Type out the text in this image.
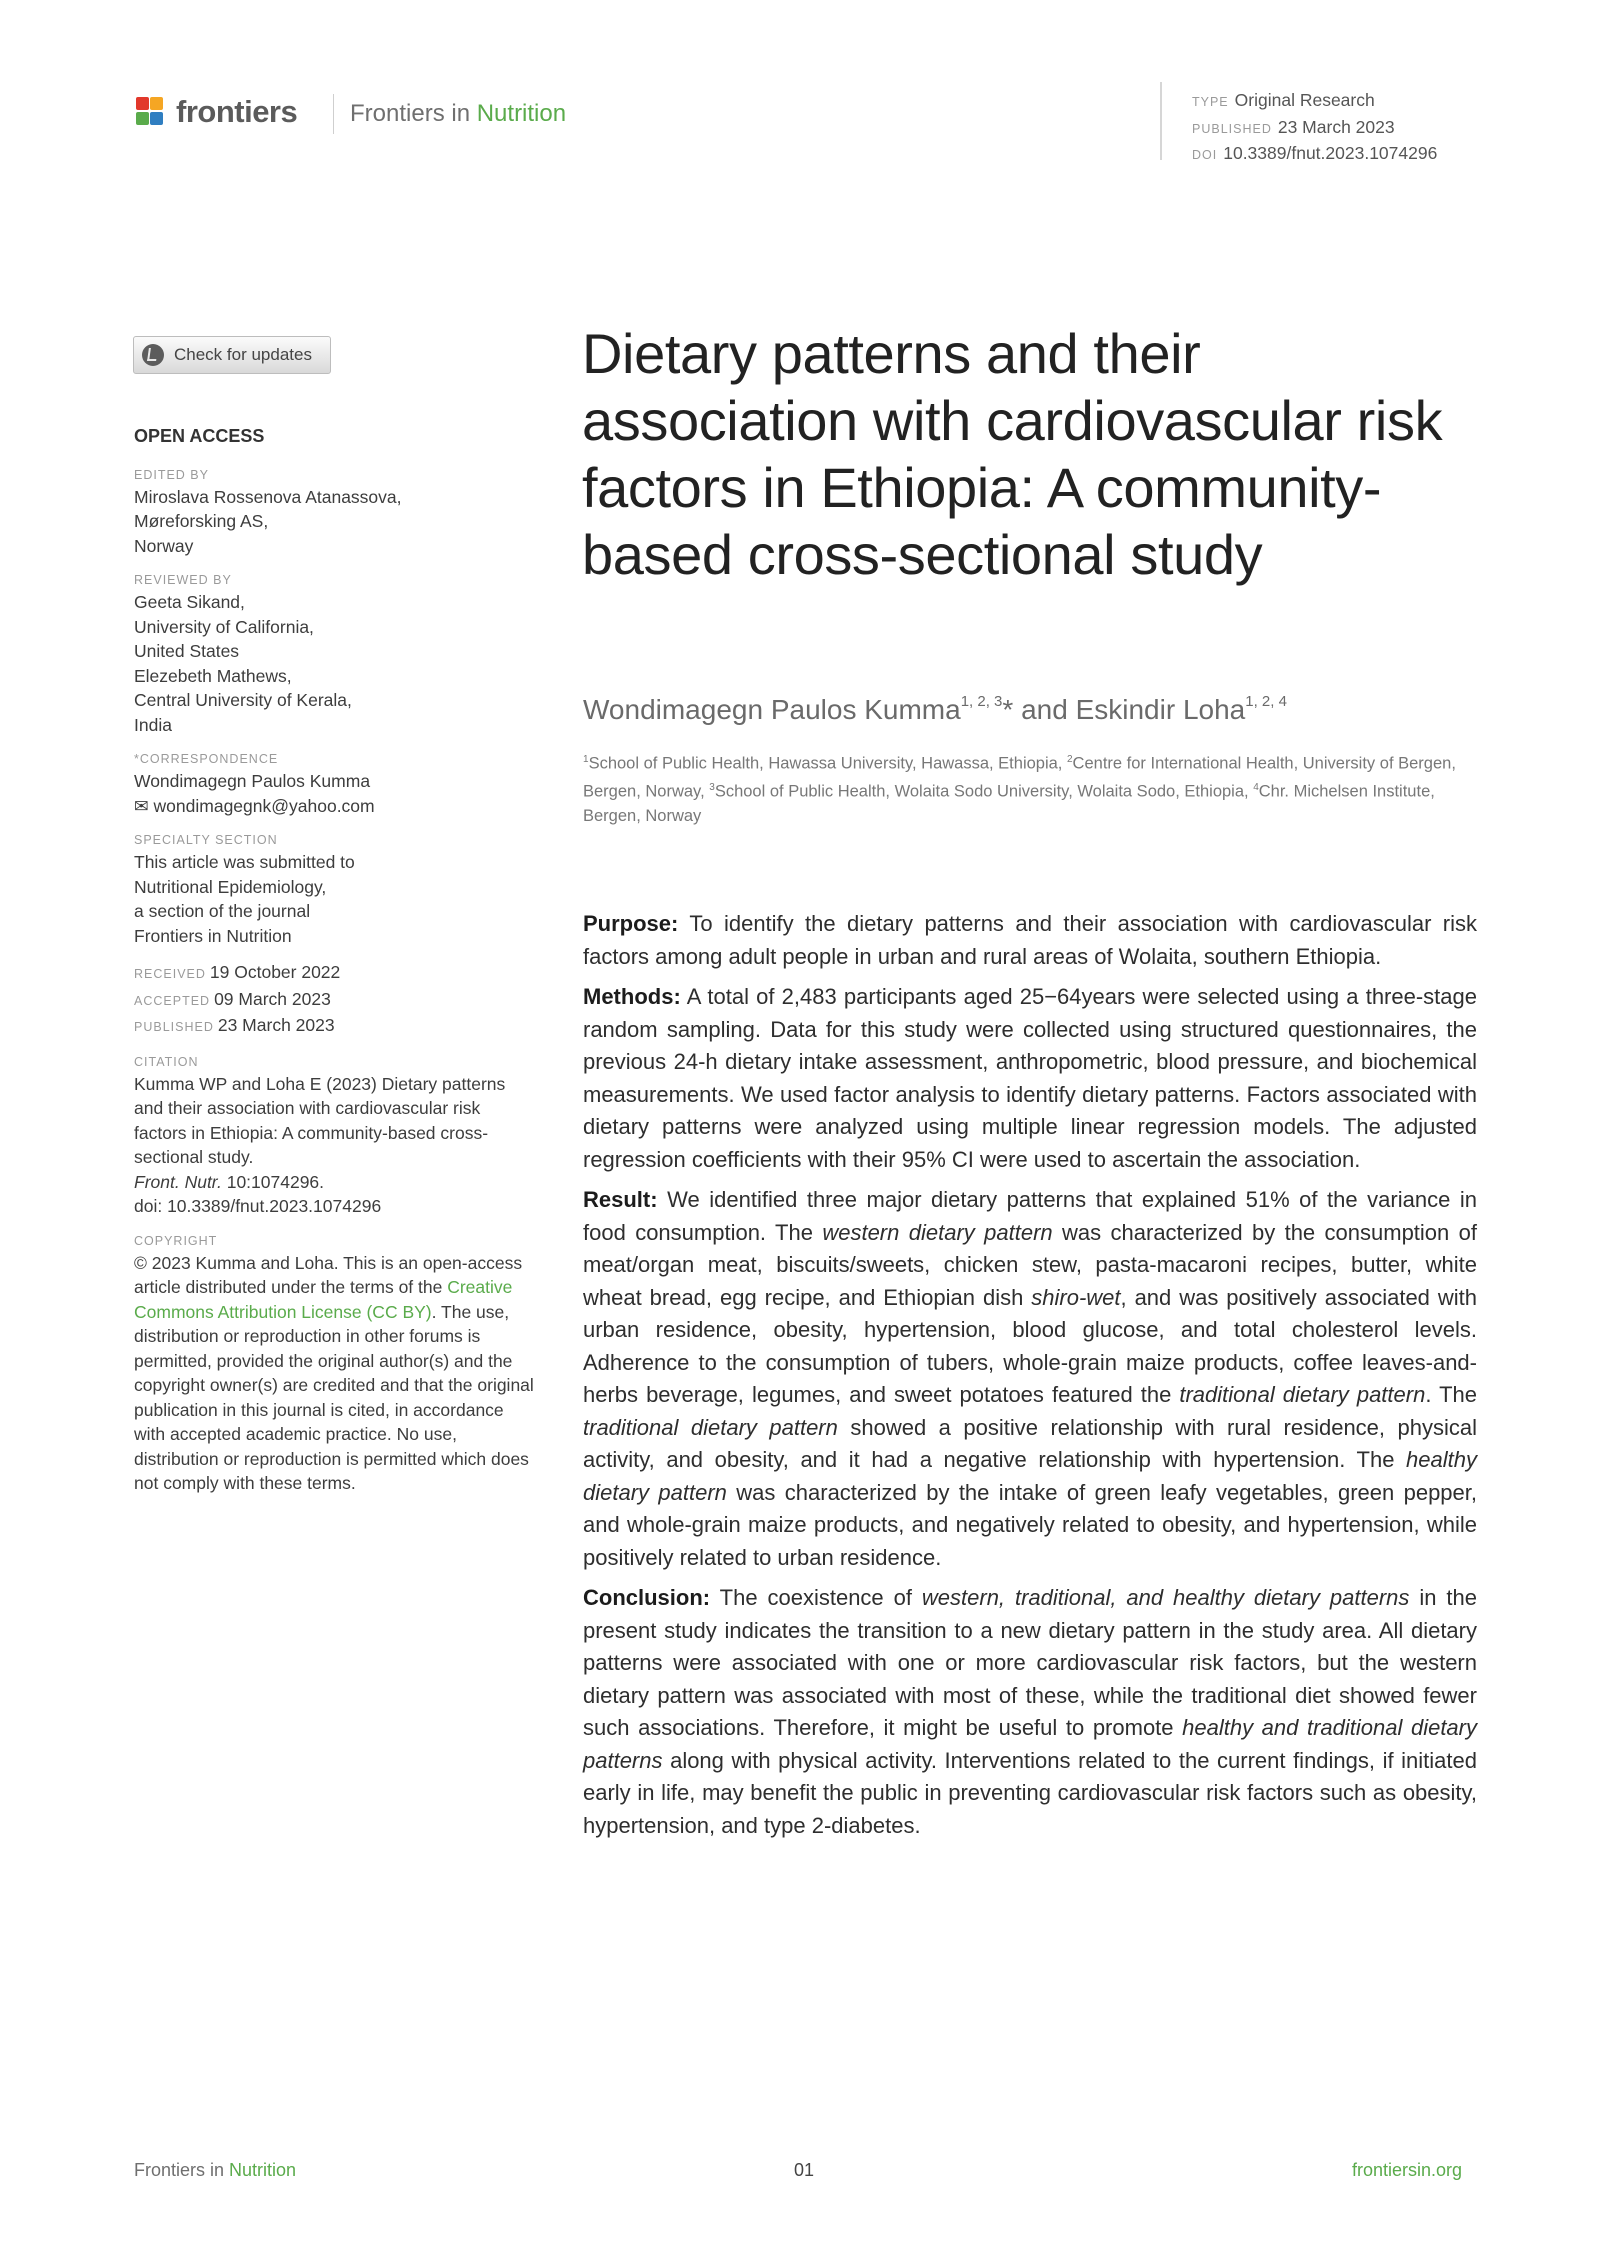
frontiers Frontiers in Nutrition	TYPE Original Research
PUBLISHED 23 March 2023
DOI 10.3389/fnut.2023.1074296
Check for updates
OPEN ACCESS
EDITED BY
Miroslava Rossenova Atanassova,
Møreforsking AS,
Norway
REVIEWED BY
Geeta Sikand,
University of California,
United States
Elezebeth Mathews,
Central University of Kerala,
India
*CORRESPONDENCE
Wondimagegn Paulos Kumma
✉ wondimagegnk@yahoo.com
SPECIALTY SECTION
This article was submitted to
Nutritional Epidemiology,
a section of the journal
Frontiers in Nutrition
RECEIVED 19 October 2022
ACCEPTED 09 March 2023
PUBLISHED 23 March 2023
CITATION
Kumma WP and Loha E (2023) Dietary patterns
and their association with cardiovascular risk
factors in Ethiopia: A community-based cross-
sectional study.
Front. Nutr. 10:1074296.
doi: 10.3389/fnut.2023.1074296
COPYRIGHT
© 2023 Kumma and Loha. This is an open-access article distributed under the terms of the Creative Commons Attribution License (CC BY). The use, distribution or reproduction in other forums is permitted, provided the original author(s) and the copyright owner(s) are credited and that the original publication in this journal is cited, in accordance with accepted academic practice. No use, distribution or reproduction is permitted which does not comply with these terms.
Dietary patterns and their association with cardiovascular risk factors in Ethiopia: A community-based cross-sectional study
Wondimagegn Paulos Kumma$^{1, 2, 3}$* and Eskindir Loha$^{1, 2, 4}$
$^1$School of Public Health, Hawassa University, Hawassa, Ethiopia, $^2$Centre for International Health, University of Bergen, Bergen, Norway, $^3$School of Public Health, Wolaita Sodo University, Wolaita Sodo, Ethiopia, $^4$Chr. Michelsen Institute, Bergen, Norway

Purpose: To identify the dietary patterns and their association with cardiovascular risk factors among adult people in urban and rural areas of Wolaita, southern Ethiopia.

Methods: A total of 2,483 participants aged 25−64years were selected using a three-stage random sampling. Data for this study were collected using structured questionnaires, the previous 24-h dietary intake assessment, anthropometric, blood pressure, and biochemical measurements. We used factor analysis to identify dietary patterns. Factors associated with dietary patterns were analyzed using multiple linear regression models. The adjusted regression coefficients with their 95% CI were used to ascertain the association.

Result: We identified three major dietary patterns that explained 51% of the variance in food consumption. The western dietary pattern was characterized by the consumption of meat/organ meat, biscuits/sweets, chicken stew, pasta-macaroni recipes, butter, white wheat bread, egg recipe, and Ethiopian dish shiro-wet, and was positively associated with urban residence, obesity, hypertension, blood glucose, and total cholesterol levels. Adherence to the consumption of tubers, whole-grain maize products, coffee leaves-and-herbs beverage, legumes, and sweet potatoes featured the traditional dietary pattern. The traditional dietary pattern showed a positive relationship with rural residence, physical activity, and obesity, and it had a negative relationship with hypertension. The healthy dietary pattern was characterized by the intake of green leafy vegetables, green pepper, and whole-grain maize products, and negatively related to obesity, and hypertension, while positively related to urban residence.

Conclusion: The coexistence of western, traditional, and healthy dietary patterns in the present study indicates the transition to a new dietary pattern in the study area. All dietary patterns were associated with one or more cardiovascular risk factors, but the western dietary pattern was associated with most of these, while the traditional diet showed fewer such associations. Therefore, it might be useful to promote healthy and traditional dietary patterns along with physical activity. Interventions related to the current findings, if initiated early in life, may benefit the public in preventing cardiovascular risk factors such as obesity, hypertension, and type 2-diabetes.

Frontiers in Nutrition	01	frontiersin.org
